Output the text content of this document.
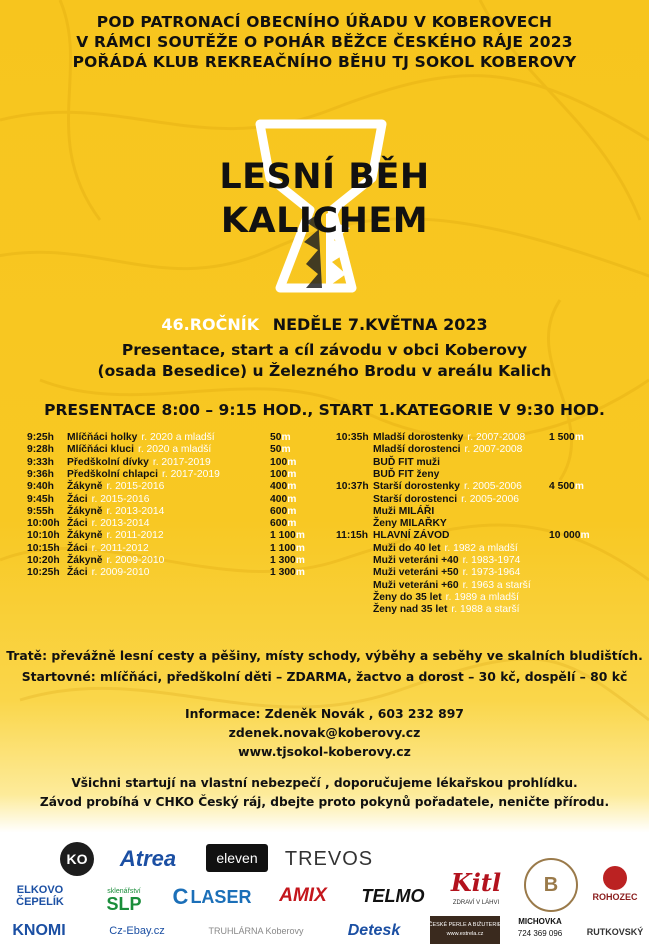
POD PATRONACÍ OBECNÍHO ÚŘADU V KOBEROVECH
V RÁMCI SOUTĚŽE O POHÁR BĚŽCE ČESKÉHO RÁJE 2023
POŘÁDÁ KLUB REKREAČNÍHO BĚHU TJ SOKOL KOBEROVY
LESNÍ BĚH
KALICHEM
46.ROČNÍK NEDĚLE 7.KVĚTNA 2023
Presentace, start a cíl závodu v obci Koberovy
(osada Besedice) u Železného Brodu v areálu Kalich
PRESENTACE 8:00 – 9:15 HOD., START 1.KATEGORIE V 9:30 HOD.
9:25h Mlíčňáci holky r. 2020 a mladší	50m
9:28h Mlíčňáci kluci r. 2020 a mladší	50m
9:33h Předškolní dívky r. 2017-2019	100m
9:36h Předškolní chlapci r. 2017-2019	100m
9:40h Žákyně r. 2015-2016	400m
9:45h Žáci r. 2015-2016	400m
9:55h Žákyně r. 2013-2014	600m
10:00h Žáci r. 2013-2014	600m
10:10h Žákyně r. 2011-2012	1 100m
10:15h Žáci r. 2011-2012	1 100m
10:20h Žákyně r. 2009-2010	1 300m
10:25h Žáci r. 2009-2010	1 300m
10:35h Mladší dorostenky r. 2007-2008 1 500m
Mladší dorostenci r. 2007-2008
BUĎ FIT muži
BUĎ FIT ženy
10:37h Starší dorostenky r. 2005-2006	4 500m
Starší dorostenci r. 2005-2006
Muži MILÁŘI
Ženy MILAŘKY
11:15h HLAVNÍ ZÁVOD	10 000m
Muži do 40 let r. 1982 a mladší
Muži veteráni +40 r. 1983-1974
Muži veteráni +50 r. 1973-1964
Muži veteráni +60 r. 1963 a starší
Ženy do 35 let r. 1989 a mladší
Ženy nad 35 let r. 1988 a starší
Tratě: převážně lesní cesty a pěšiny, místy schody, výběhy a seběhy ve skalních bludištích.
Startovné: mlíčňáci, předškolní děti – ZDARMA, žactvo a dorost – 30 kč, dospělí – 80 kč
Informace: Zdeněk Novák , 603 232 897
zdenek.novak@koberovy.cz
www.tjsokol-koberovy.cz
Všichni startují na vlastní nebezpečí , doporučujeme lékařskou prohlídku.
Závod probíhá v CHKO Český ráj, dbejte proto pokynů pořadatele, neničte přírodu.
KO	Atrea	eleven	TREVOS
ELKOVO
ČEPELÍK
sklenářství
SLP C LASER	AMIX	TELMO Kitl
ZDRAVÍ V LÁHVI
B
ROHOZEC
KNOMI	Cz-Ebay.cz	TRUHLÁRNA Koberovy	Detesk	ČESKÉ PERLE A BIŽUTERIE
www.estrela.cz
MICHOVKA
724 369 096	RUTKOVSKÝ
